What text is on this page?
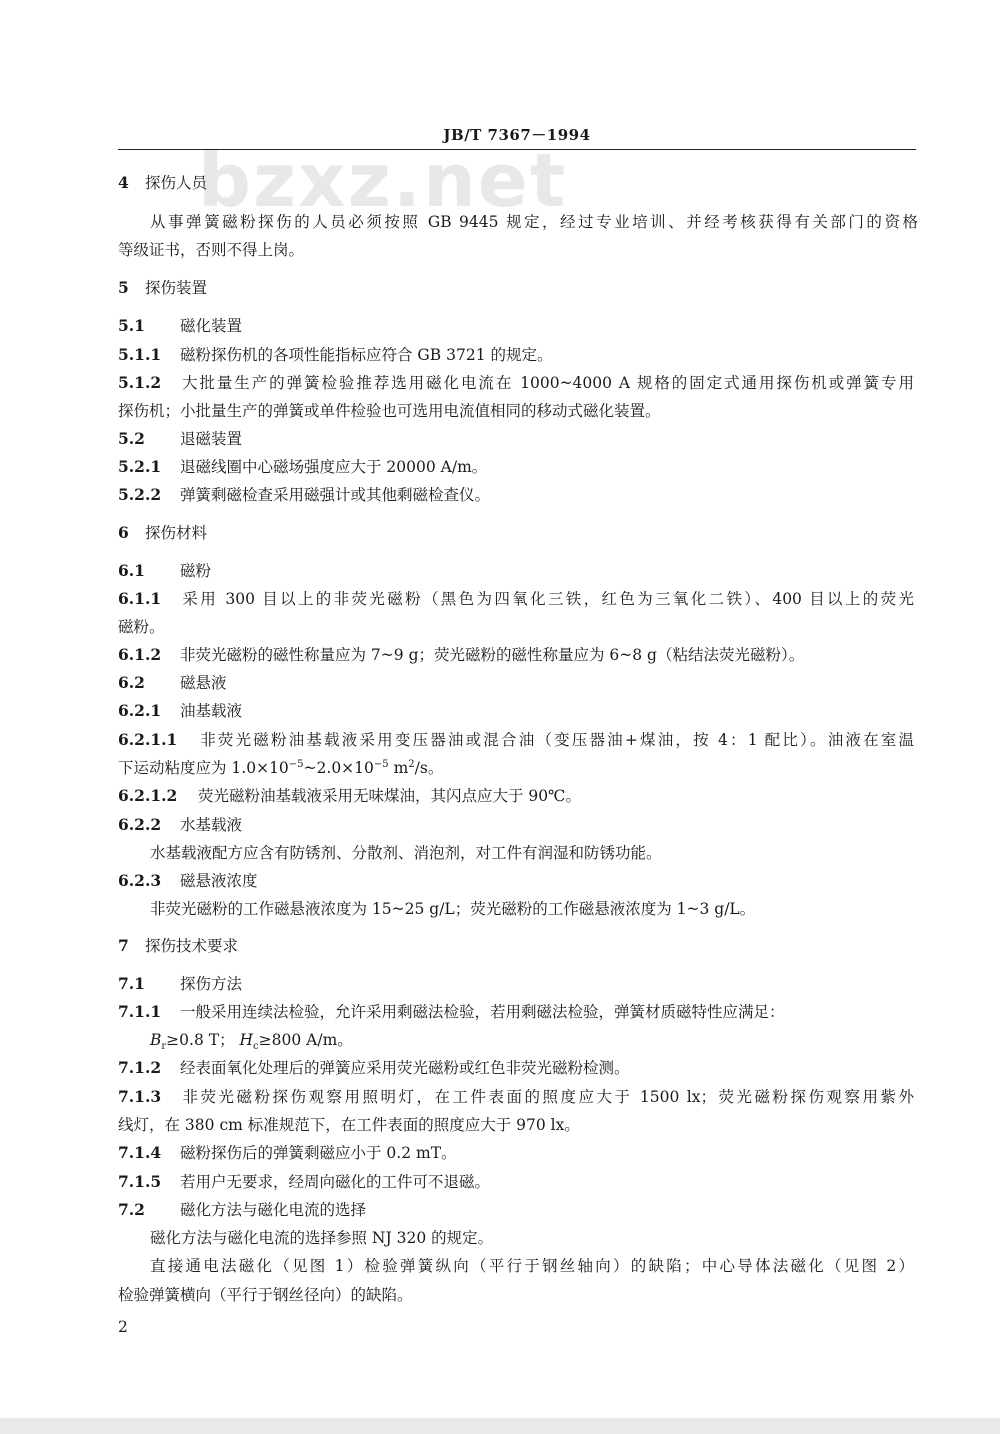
bzxz.net
JB/T 7367－1994
4 探伤人员
从事弹簧磁粉探伤的人员必须按照 GB 9445 规定，经过专业培训、并经考核获得有关部门的资格
等级证书，否则不得上岗。
5 探伤装置
5.1 磁化装置
5.1.1 磁粉探伤机的各项性能指标应符合 GB 3721 的规定。
5.1.2 大批量生产的弹簧检验推荐选用磁化电流在 1000~4000 A 规格的固定式通用探伤机或弹簧专用
探伤机；小批量生产的弹簧或单件检验也可选用电流值相同的移动式磁化装置。
5.2 退磁装置
5.2.1 退磁线圈中心磁场强度应大于 20000 A/m。
5.2.2 弹簧剩磁检查采用磁强计或其他剩磁检查仪。
6 探伤材料
6.1 磁粉
6.1.1 采用 300 目以上的非荧光磁粉（黑色为四氧化三铁，红色为三氧化二铁）、400 目以上的荧光
磁粉。
6.1.2 非荧光磁粉的磁性称量应为 7~9 g；荧光磁粉的磁性称量应为 6~8 g（粘结法荧光磁粉）。
6.2 磁悬液
6.2.1 油基载液
6.2.1.1 非荧光磁粉油基载液采用变压器油或混合油（变压器油+煤油，按 4：1 配比）。油液在室温
下运动粘度应为 $1.0\times 10^{-5}\sim 2.0\times 10^{-5}$ $m^2/s$。
6.2.1.2 荧光磁粉油基载液采用无味煤油，其闪点应大于 90℃。
6.2.2 水基载液
水基载液配方应含有防锈剂、分散剂、消泡剂，对工件有润湿和防锈功能。
6.2.3 磁悬液浓度
非荧光磁粉的工作磁悬液浓度为 15~25 g/L；荧光磁粉的工作磁悬液浓度为 1~3 g/L。
7 探伤技术要求
7.1 探伤方法
7.1.1 一般采用连续法检验，允许采用剩磁法检验，若用剩磁法检验，弹簧材质磁特性应满足：
$B_r\ge 0.8$ T； $H_c\ge 800$ A/m。
7.1.2 经表面氧化处理后的弹簧应采用荧光磁粉或红色非荧光磁粉检测。
7.1.3 非荧光磁粉探伤观察用照明灯，在工件表面的照度应大于 1500 lx；荧光磁粉探伤观察用紫外
线灯，在 380 cm 标准规范下，在工件表面的照度应大于 970 lx。
7.1.4 磁粉探伤后的弹簧剩磁应小于 0.2 mT。
7.1.5 若用户无要求，经周向磁化的工件可不退磁。
7.2 磁化方法与磁化电流的选择
磁化方法与磁化电流的选择参照 NJ 320 的规定。
直接通电法磁化（见图 1）检验弹簧纵向（平行于钢丝轴向）的缺陷；中心导体法磁化（见图 2）
检验弹簧横向（平行于钢丝径向）的缺陷。
2
